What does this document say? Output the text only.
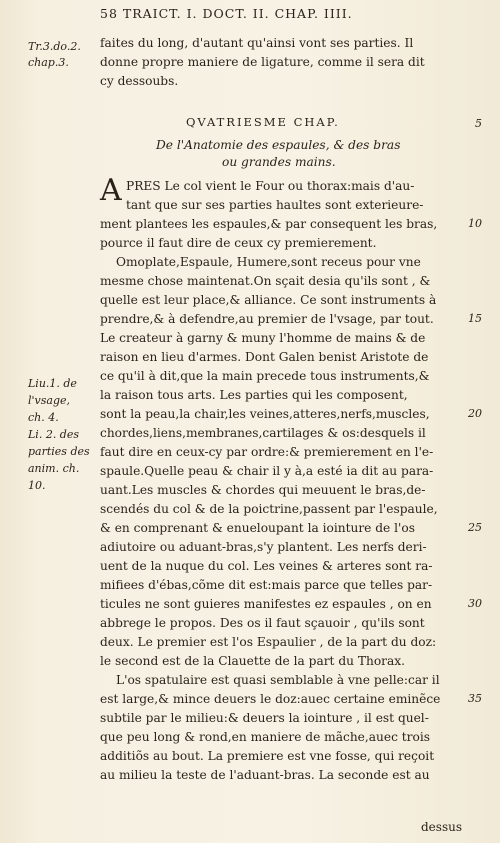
58 TRAICT. I. DOCT. II. CHAP. IIII.
faites du long, d'autant qu'ainsi vont ses parties. Il
donne propre maniere de ligature, comme il sera dit
cy dessoubs.
Tr.3.do.2.
chap.3.
QVATRIESME CHAP.	5
De l'Anatomie des espaules, & des bras
ou grandes mains.
A PRES Le col vient le Four ou thorax:mais d'au-
tant que sur ses parties haultes sont exterieure-
ment plantees les espaules,& par consequent les bras,
pource il faut dire de ceux cy premierement.
Omoplate,Espaule, Humere,sont receus pour vne
mesme chose maintenat.On sçait desia qu'ils sont , &
quelle est leur place,& alliance. Ce sont instruments à
prendre,& à defendre,au premier de l'vsage, par tout.
Le createur à garny & muny l'homme de mains & de
raison en lieu d'armes. Dont Galen benist Aristote de
ce qu'il à dit,que la main precede tous instruments,&
la raison tous arts. Les parties qui les composent,
sont la peau,la chair,les veines,atteres,nerfs,muscles,
chordes,liens,membranes,cartilages & os:desquels il
faut dire en ceux-cy par ordre:& premierement en l'e-
spaule.Quelle peau & chair il y à,a esté ia dit au para-
uant.Les muscles & chordes qui meuuent le bras,de-
scendés du col & de la poictrine,passent par l'espaule,
& en comprenant & enueloupant la iointure de l'os
adiutoire ou aduant-bras,s'y plantent. Les nerfs deri-
uent de la nuque du col. Les veines & arteres sont ra-
mifiees d'ébas,cõme dit est:mais parce que telles par-
ticules ne sont guieres manifestes ez espaules , on en
abbrege le propos. Des os il faut sçauoir , qu'ils sont
deux. Le premier est l'os Espaulier , de la part du doz:
le second est de la Clauette de la part du Thorax.
L'os spatulaire est quasi semblable à vne pelle:car il
est large,& mince deuers le doz:auec certaine eminẽce
subtile par le milieu:& deuers la iointure , il est quel-
que peu long & rond,en maniere de mãche,auec trois
additiõs au bout. La premiere est vne fosse, qui reçoit
au milieu la teste de l'aduant-bras. La seconde est au
Liu.1. de
l'vsage,
ch. 4.
Li. 2. des
parties des
anim. ch.
10.
10
15
20
25
30
35
dessus
